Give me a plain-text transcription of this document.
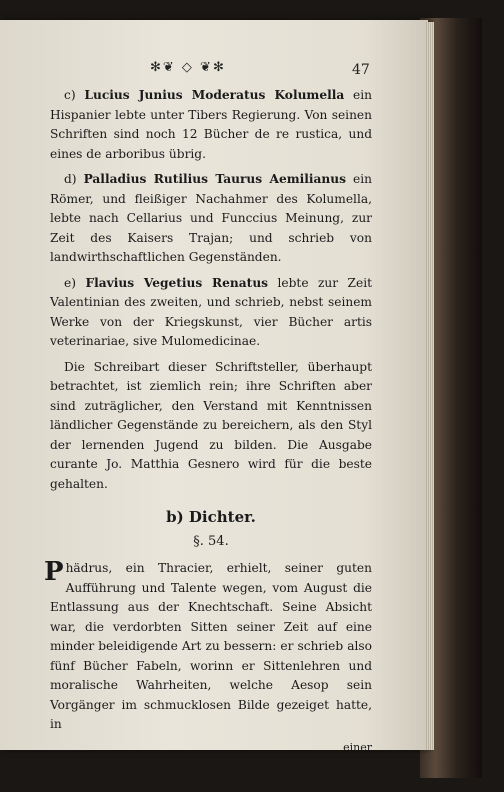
✻❦ ◇ ❦✻	47

c) Lucius Junius Moderatus Kolumella ein Hispanier lebte unter Tibers Regierung. Von seinen Schriften sind noch 12 Bücher de re rustica, und eines de arboribus übrig.

d) Palladius Rutilius Taurus Aemilianus ein Römer, und fleißiger Nachahmer des Kolumella, lebte nach Cellarius und Funccius Meinung, zur Zeit des Kaisers Trajan; und schrieb von landwirthschaftlichen Gegenständen.

e) Flavius Vegetius Renatus lebte zur Zeit Valentinian des zweiten, und schrieb, nebst seinem Werke von der Kriegskunst, vier Bücher artis veterinariae, sive Mulomedicinae.

Die Schreibart dieser Schriftsteller, überhaupt betrachtet, ist ziemlich rein; ihre Schriften aber sind zuträglicher, den Verstand mit Kenntnissen ländlicher Gegenstände zu bereichern, als den Styl der lernenden Jugend zu bilden. Die Ausgabe curante Jo. Matthia Gesnero wird für die beste gehalten.

b) Dichter.
§. 54.

Phädrus, ein Thracier, erhielt, seiner guten Aufführung und Talente wegen, vom August die Entlassung aus der Knechtschaft. Seine Absicht war, die verdorbten Sitten seiner Zeit auf eine minder beleidigende Art zu bessern: er schrieb also fünf Bücher Fabeln, worinn er Sittenlehren und moralische Wahrheiten, welche Aesop sein Vorgänger im schmucklosen Bilde gezeiget hatte, in

einer
